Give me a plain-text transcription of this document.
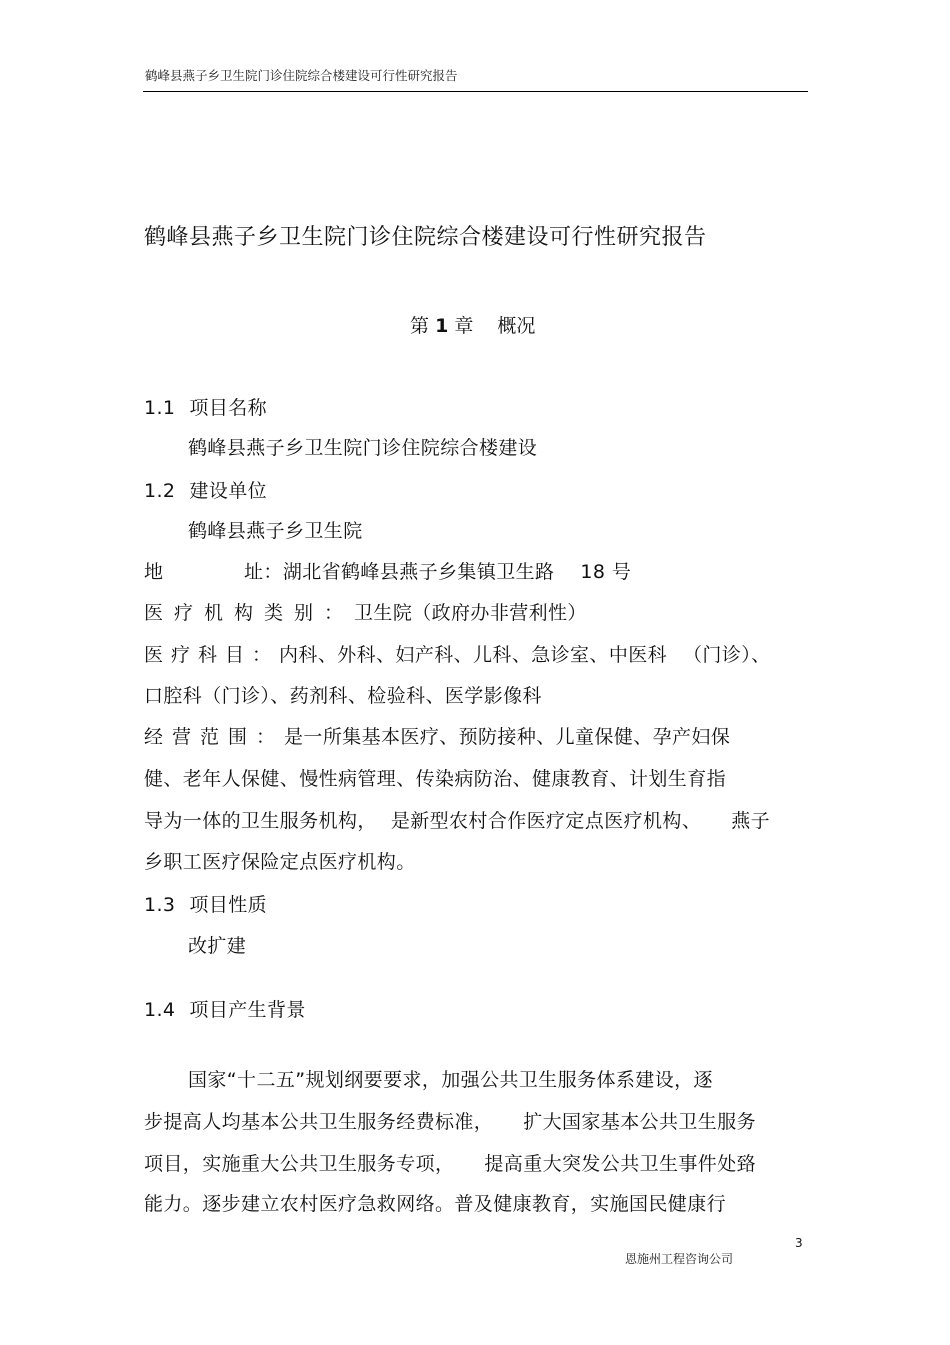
鹤峰县燕子乡卫生院门诊住院综合楼建设可行性研究报告
鹤峰县燕子乡卫生院门诊住院综合楼建设可行性研究报告
第 1 章 概况
1.1 项目名称
鹤峰县燕子乡卫生院门诊住院综合楼建设
1.2 建设单位
鹤峰县燕子乡卫生院
地	址：湖北省鹤峰县燕子乡集镇卫生路 18 号
医疗机构类别：卫生院（政府办非营利性）
医疗科目：内科、外科、妇产科、儿科、急诊室、中医科 （门诊）、
口腔科（门诊）、药剂科、检验科、医学影像科
经营范围：是一所集基本医疗、预防接种、儿童保健、孕产妇保
健、老年人保健、慢性病管理、传染病防治、健康教育、计划生育指
导为一体的卫生服务机构， 是新型农村合作医疗定点医疗机构、 燕子
乡职工医疗保险定点医疗机构。
1.3 项目性质
改扩建
1.4 项目产生背景
国家“十二五”规划纲要要求，加强公共卫生服务体系建设，逐
步提高人均基本公共卫生服务经费标准， 扩大国家基本公共卫生服务
项目，实施重大公共卫生服务专项， 提高重大突发公共卫生事件处臵
能力。逐步建立农村医疗急救网络。普及健康教育，实施国民健康行
3
恩施州工程咨询公司
